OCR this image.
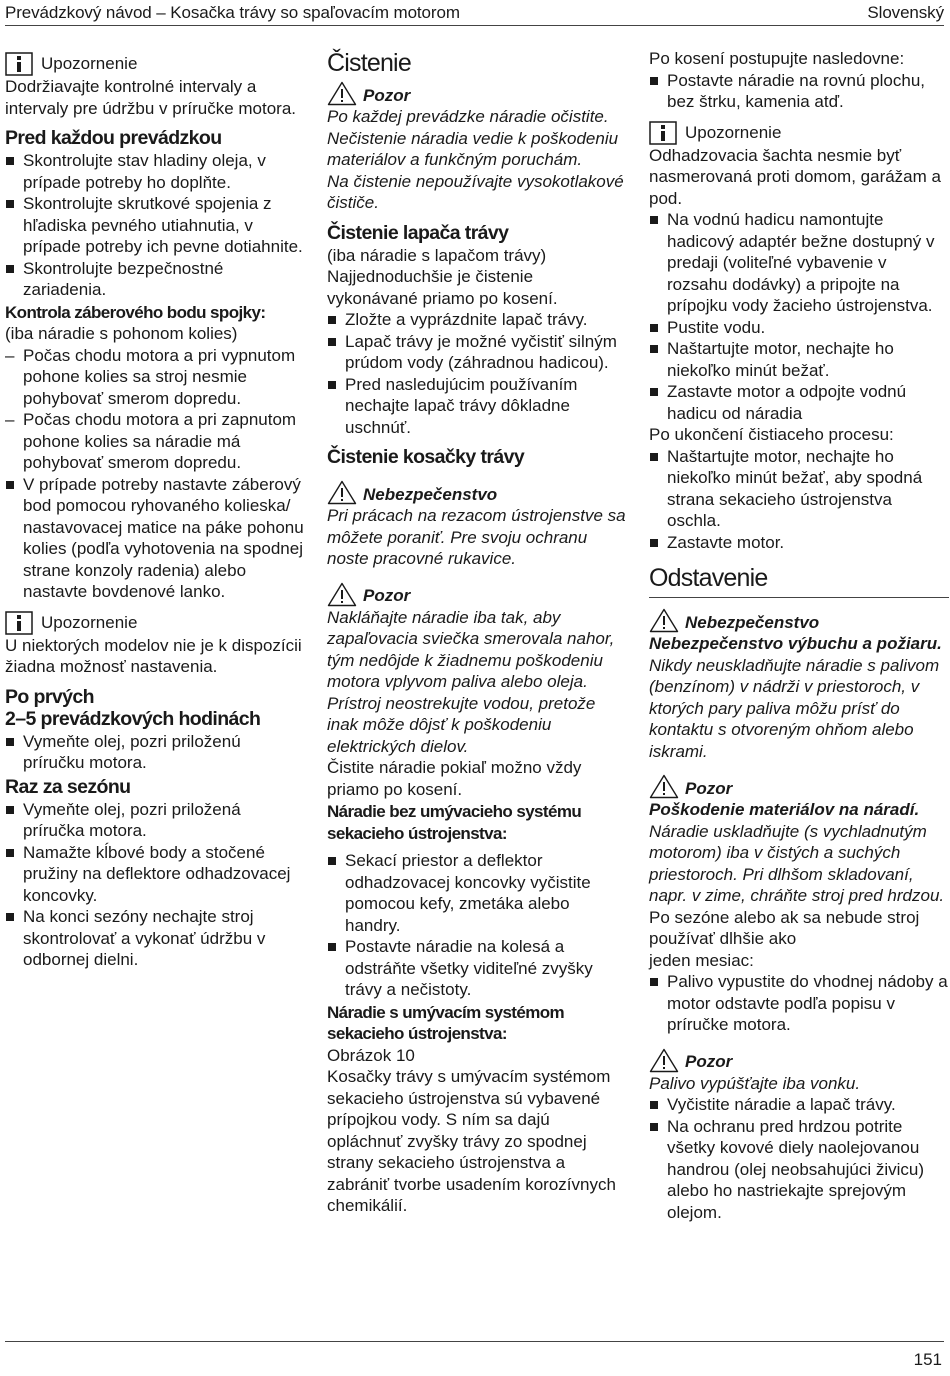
Prevádzkový návod – Kosačka trávy so spaľovacím motorom	Slovenský
Upozornenie

Dodržiavajte kontrolné intervaly a intervaly pre údržbu v príručke motora.

Pred každou prevádzkou
Skontrolujte stav hladiny oleja, v prípade potreby ho doplňte.
Skontrolujte skrutkové spojenia z hľadiska pevného utiahnutia, v prípade potreby ich pevne dotiahnite.
Skontrolujte bezpečnostné zariadenia.
Kontrola záberového bodu spojky:

(iba náradie s pohonom kolies)

– Počas chodu motora a pri vypnutom pohone kolies sa stroj nesmie pohybovať smerom dopredu.
– Počas chodu motora a pri zapnutom pohone kolies sa náradie má pohybovať smerom dopredu.
V prípade potreby nastavte záberový bod pomocou ryhovaného kolieska/ nastavovacej matice na páke pohonu kolies (podľa vyhotovenia na spodnej strane konzoly radenia) alebo nastavte bovdenové lanko.
Upozornenie

U niektorých modelov nie je k dispozícii žiadna možnosť nastavenia.

Po prvých
2–5 prevádzkových hodinách
Vymeňte olej, pozri priloženú príručku motora.
Raz za sezónu
Vymeňte olej, pozri priložená príručka motora.
Namažte kĺbové body a stočené pružiny na deflektore odhadzovacej koncovky.
Na konci sezóny nechajte stroj skontrolovať a vykonať údržbu v odbornej dielni.
Čistenie
Pozor

Po každej prevádzke náradie očistite. Nečistenie náradia vedie k poškodeniu materiálov a funkčným poruchám.

Na čistenie nepoužívajte vysokotlakové čističe.

Čistenie lapača trávy

(iba náradie s lapačom trávy)

Najjednoduchšie je čistenie vykonávané priamo po kosení.

Zložte a vyprázdnite lapač trávy.
Lapač trávy je možné vyčistiť silným prúdom vody (záhradnou hadicou).
Pred nasledujúcim používaním nechajte lapač trávy dôkladne uschnúť.
Čistenie kosačky trávy
Nebezpečenstvo

Pri prácach na rezacom ústrojenstve sa môžete poraniť. Pre svoju ochranu noste pracovné rukavice.

Pozor

Nakláňajte náradie iba tak, aby zapaľovacia sviečka smerovala nahor, tým nedôjde k žiadnemu poškodeniu motora vplyvom paliva alebo oleja.

Prístroj neostrekujte vodou, pretože inak môže dôjsť k poškodeniu elektrických dielov.

Čistite náradie pokiaľ možno vždy priamo po kosení.

Náradie bez umývacieho systému sekacieho ústrojenstva:
Sekací priestor a deflektor odhadzovacej koncovky vyčistite pomocou kefy, zmetáka alebo handry.
Postavte náradie na kolesá a odstráňte všetky viditeľné zvyšky trávy a nečistoty.
Náradie s umývacím systémom sekacieho ústrojenstva:

Obrázok 10

Kosačky trávy s umývacím systémom sekacieho ústrojenstva sú vybavené prípojkou vody. S ním sa dajú opláchnuť zvyšky trávy zo spodnej strany sekacieho ústrojenstva a zabrániť tvorbe usadením korozívnych chemikálií.

Po kosení postupujte nasledovne:

Postavte náradie na rovnú plochu, bez štrku, kamenia atď.
Upozornenie

Odhadzovacia šachta nesmie byť nasmerovaná proti domom, garážam a pod.

Na vodnú hadicu namontujte hadicový adaptér bežne dostupný v predaji (voliteľné vybavenie v rozsahu dodávky) a pripojte na prípojku vody žacieho ústrojenstva.
Pustite vodu.
Naštartujte motor, nechajte ho niekoľko minút bežať.
Zastavte motor a odpojte vodnú hadicu od náradia

Po ukončení čistiaceho procesu:

Naštartujte motor, nechajte ho niekoľko minút bežať, aby spodná strana sekacieho ústrojenstva oschla.
Zastavte motor.
Odstavenie
Nebezpečenstvo

Nebezpečenstvo výbuchu a požiaru.

Nikdy neuskladňujte náradie s palivom (benzínom) v nádrži v priestoroch, v ktorých pary paliva môžu prísť do kontaktu s otvoreným ohňom alebo iskrami.

Pozor

Poškodenie materiálov na náradí.

Náradie uskladňujte (s vychladnutým motorom) iba v čistých a suchých priestoroch. Pri dlhšom skladovaní, napr. v zime, chráňte stroj pred hrdzou.

Po sezóne alebo ak sa nebude stroj používať dlhšie ako

jeden mesiac:

Palivo vypustite do vhodnej nádoby a motor odstavte podľa popisu v príručke motora.
Pozor

Palivo vypúšťajte iba vonku.

Vyčistite náradie a lapač trávy.
Na ochranu pred hrdzou potrite všetky kovové diely naolejovanou handrou (olej neobsahujúci živicu) alebo ho nastriekajte sprejovým olejom.
151
